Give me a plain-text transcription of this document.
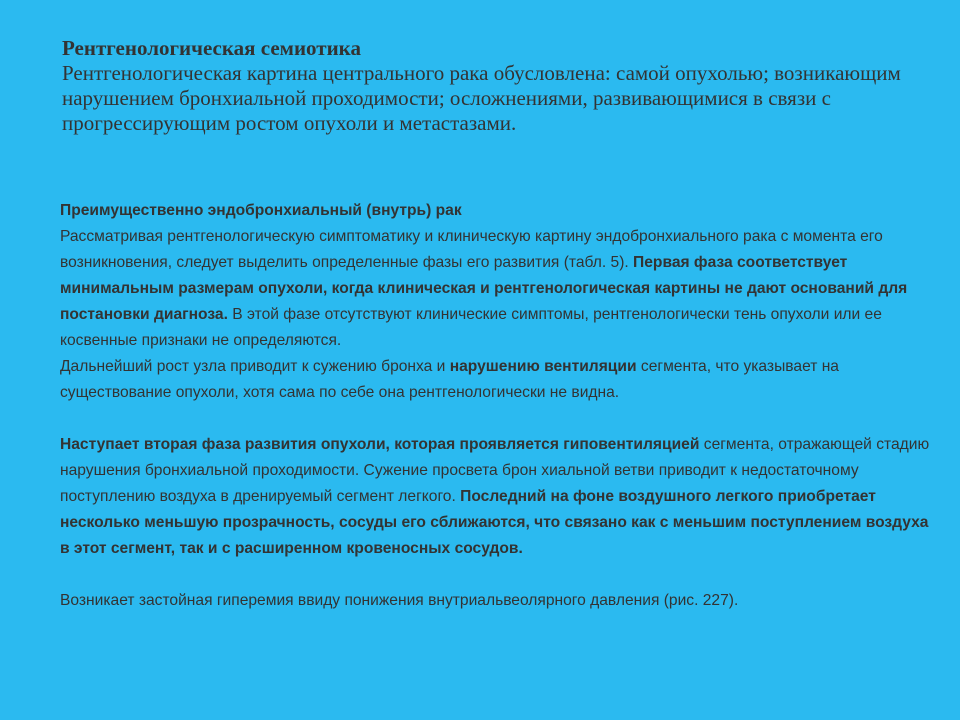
Рентгенологическая семиотика

Рентгенологическая картина центрального рака обусловлена: самой опухолью; возникающим нарушением бронхиальной проходимости; осложнениями, развивающимися в связи с прогрессирующим ростом опухоли и метастазами.

Преимущественно эндобронхиальный (внутрь) рак

Рассматривая рентгенологическую симптоматику и клиническую картину эндобронхиального рака с момента его возникновения, следует выделить определенные фазы его развития (табл. 5). Первая фаза соответствует минимальным размерам опухоли, когда клиническая и рентгенологическая картины не дают оснований для постановки диагноза. В этой фазе отсутствуют клинические симптомы, рентгенологически тень опухоли или ее косвенные признаки не определяются.

Дальнейший рост узла приводит к сужению бронха и нарушению вентиляции сегмента, что указывает на существование опухоли, хотя сама по себе она рентгенологически не видна.

Наступает вторая фаза развития опухоли, которая проявляется гиповентиляцией сегмента, отражающей стадию нарушения бронхиальной проходимости. Сужение просвета брон хиальной ветви приводит к недостаточному поступлению воздуха в дренируемый сегмент легкого. Последний на фоне воздушного легкого приобретает несколько меньшую прозрачность, сосуды его сближаются, что связано как с меньшим поступлением воздуха в этот сегмент, так и с расширенном кровеносных сосудов.

Возникает застойная гиперемия ввиду понижения внутриальвеолярного давления (рис. 227).
